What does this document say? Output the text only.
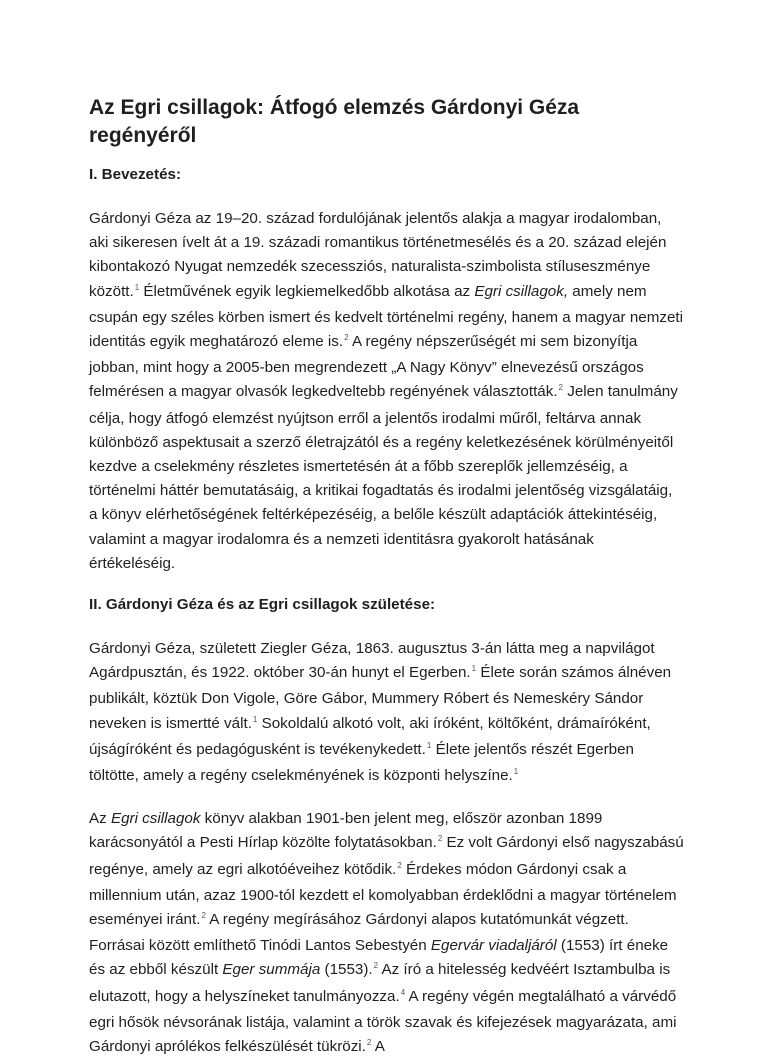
Az Egri csillagok: Átfogó elemzés Gárdonyi Géza regényéről
I. Bevezetés:

Gárdonyi Géza az 19–20. század fordulójának jelentős alakja a magyar irodalomban, aki sikeresen ívelt át a 19. századi romantikus történetmesélés és a 20. század elején kibontakozó Nyugat nemzedék szecessziós, naturalista-szimbolista stíluseszménye között.$^1$ Életművének egyik legkiemelkedőbb alkotása az Egri csillagok, amely nem csupán egy széles körben ismert és kedvelt történelmi regény, hanem a magyar nemzeti identitás egyik meghatározó eleme is.$^2$ A regény népszerűségét mi sem bizonyítja jobban, mint hogy a 2005-ben megrendezett „A Nagy Könyv” elnevezésű országos felmérésen a magyar olvasók legkedveltebb regényének választották.$^2$ Jelen tanulmány célja, hogy átfogó elemzést nyújtson erről a jelentős irodalmi műről, feltárva annak különböző aspektusait a szerző életrajzától és a regény keletkezésének körülményeitől kezdve a cselekmény részletes ismertetésén át a főbb szereplők jellemzéséig, a történelmi háttér bemutatásáig, a kritikai fogadtatás és irodalmi jelentőség vizsgálatáig, a könyv elérhetőségének feltérképezéséig, a belőle készült adaptációk áttekintéséig, valamint a magyar irodalomra és a nemzeti identitásra gyakorolt hatásának értékeléséig.

II. Gárdonyi Géza és az Egri csillagok születése:

Gárdonyi Géza, született Ziegler Géza, 1863. augusztus 3-án látta meg a napvilágot Agárdpusztán, és 1922. október 30-án hunyt el Egerben.$^1$ Élete során számos álnéven publikált, köztük Don Vigole, Göre Gábor, Mummery Róbert és Nemeskéry Sándor neveken is ismertté vált.$^1$ Sokoldalú alkotó volt, aki íróként, költőként, drámaíróként, újságíróként és pedagógusként is tevékenykedett.$^1$ Élete jelentős részét Egerben töltötte, amely a regény cselekményének is központi helyszíne.$^1$

Az Egri csillagok könyv alakban 1901-ben jelent meg, először azonban 1899 karácsonyától a Pesti Hírlap közölte folytatásokban.$^2$ Ez volt Gárdonyi első nagyszabású regénye, amely az egri alkotóéveihez kötődik.$^2$ Érdekes módon Gárdonyi csak a millennium után, azaz 1900-tól kezdett el komolyabban érdeklődni a magyar történelem eseményei iránt.$^2$ A regény megírásához Gárdonyi alapos kutatómunkát végzett. Forrásai között említhető Tinódi Lantos Sebestyén Egervár viadaljáról (1553) írt éneke és az ebből készült Eger summája (1553).$^2$ Az író a hitelesség kedvéért Isztambulba is elutazott, hogy a helyszíneket tanulmányozza.$^4$ A regény végén megtalálható a várvédő egri hősök névsorának listája, valamint a török szavak és kifejezések magyarázata, ami Gárdonyi aprólékos felkészülését tükrözi.$^2$ A
